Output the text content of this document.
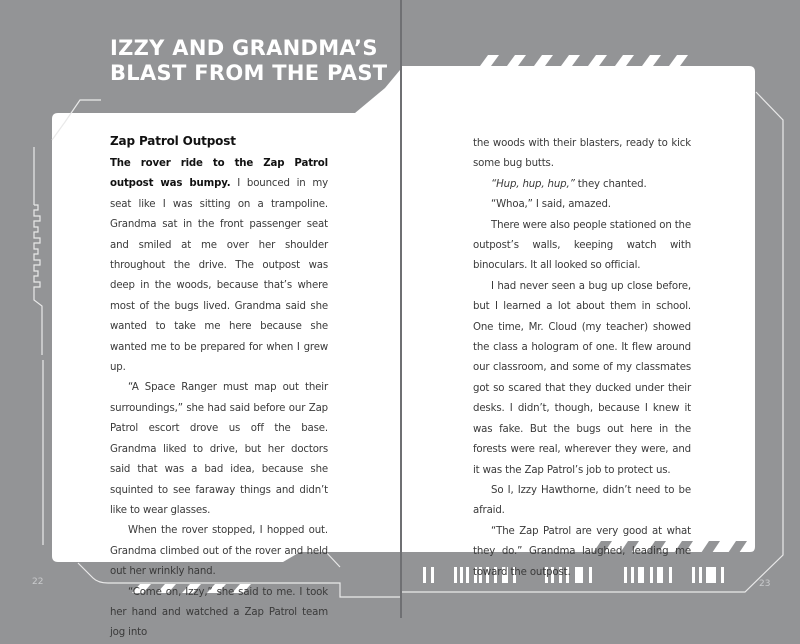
IZZY AND GRANDMA’S
BLAST FROM THE PAST

Zap Patrol Outpost

The rover ride to the Zap Patrol outpost was bumpy. I bounced in my seat like I was sitting on a trampoline. Grandma sat in the front passenger seat and smiled at me over her shoulder throughout the drive. The outpost was deep in the woods, because that’s where most of the bugs lived. Grandma said she wanted to take me here because she wanted me to be prepared for when I grew up.

“A Space Ranger must map out their surroundings,” she had said before our Zap Patrol escort drove us off the base. Grandma liked to drive, but her doctors said that was a bad idea, because she squinted to see faraway things and didn’t like to wear glasses.

When the rover stopped, I hopped out. Grandma climbed out of the rover and held out her wrinkly hand.

“Come on, Izzy,” she said to me. I took her hand and watched a Zap Patrol team jog into

the woods with their blasters, ready to kick some bug butts.

“Hup, hup, hup,” they chanted.

“Whoa,” I said, amazed.

There were also people stationed on the outpost’s walls, keeping watch with binoculars. It all looked so official.

I had never seen a bug up close before, but I learned a lot about them in school. One time, Mr. Cloud (my teacher) showed the class a hologram of one. It flew around our classroom, and some of my classmates got so scared that they ducked under their desks. I didn’t, though, because I knew it was fake. But the bugs out here in the forests were real, wherever they were, and it was the Zap Patrol’s job to protect us.

So I, Izzy Hawthorne, didn’t need to be afraid.

“The Zap Patrol are very good at what they do.” Grandma laughed, leading me toward the outpost.

22	23
